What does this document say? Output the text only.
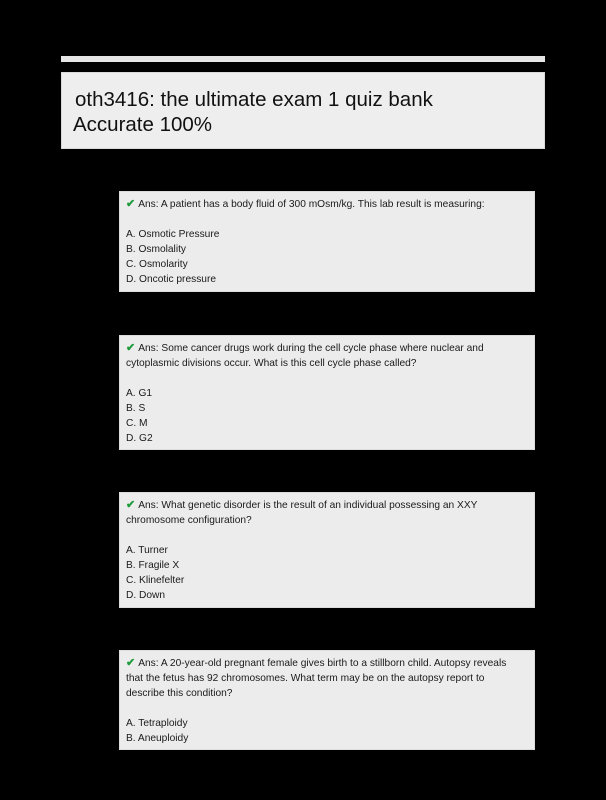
oth3416: the ultimate exam 1 quiz bank
Accurate 100%
✔ Ans: A patient has a body fluid of 300 mOsm/kg. This lab result is measuring:
A. Osmotic Pressure
B. Osmolality
C. Osmolarity
D. Oncotic pressure
✔ Ans: Some cancer drugs work during the cell cycle phase where nuclear and
cytoplasmic divisions occur. What is this cell cycle phase called?
A. G1
B. S
C. M
D. G2
✔ Ans: What genetic disorder is the result of an individual possessing an XXY
chromosome configuration?
A. Turner
B. Fragile X
C. Klinefelter
D. Down
✔ Ans: A 20-year-old pregnant female gives birth to a stillborn child. Autopsy reveals
that the fetus has 92 chromosomes. What term may be on the autopsy report to
describe this condition?
A. Tetraploidy
B. Aneuploidy
